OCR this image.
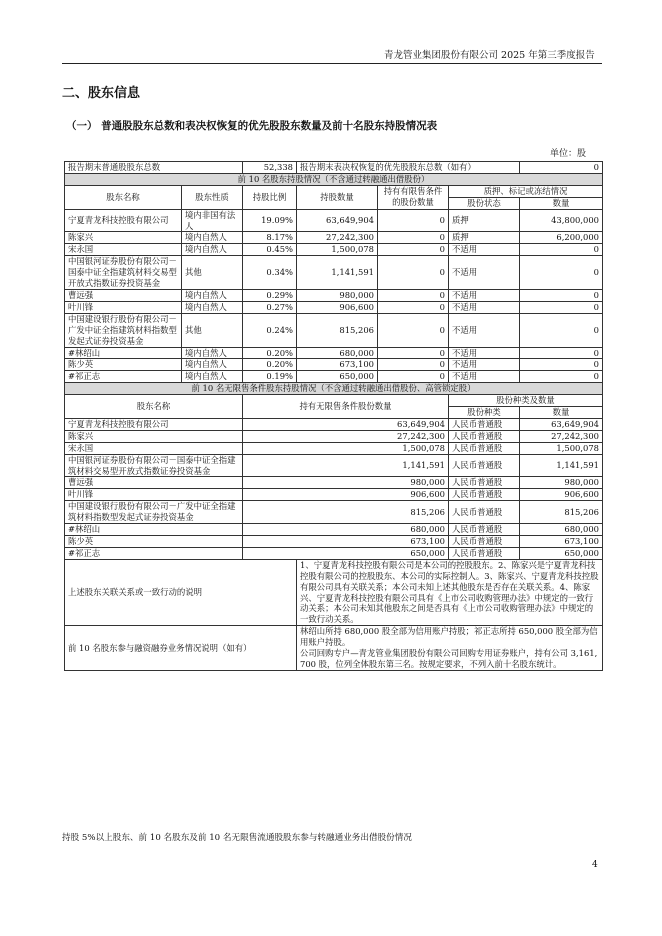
青龙管业集团股份有限公司 2025 年第三季度报告
二、股东信息
（一） 普通股股东总数和表决权恢复的优先股股东数量及前十名股东持股情况表
单位：股
报告期末普通股股东总数		52,338	报告期末表决权恢复的优先股股东总数（如有）			0
前 10 名股东持股情况（不含通过转融通出借股份）						
股东名称	股东性质	持股比例	持股数量	持有有限售条件的股份数量	质押、标记或冻结情况	
					股份状态	数量
宁夏青龙科技控股有限公司	境内非国有法人	19.09%	63,649,904	0	质押	43,800,000
陈家兴	境内自然人	8.17%	27,242,300	0	质押	6,200,000
宋永国	境内自然人	0.45%	1,500,078	0	不适用	0
中国银河证券股份有限公司－国泰中证全指建筑材料交易型开放式指数证券投资基金	其他	0.34%	1,141,591	0	不适用	0
曹远强	境内自然人	0.29%	980,000	0	不适用	0
叶川锋	境内自然人	0.27%	906,600	0	不适用	0
中国建设银行股份有限公司－广发中证全指建筑材料指数型发起式证券投资基金	其他	0.24%	815,206	0	不适用	0
#林绍山	境内自然人	0.20%	680,000	0	不适用	0
陈少英	境内自然人	0.20%	673,100	0	不适用	0
#祁正志	境内自然人	0.19%	650,000	0	不适用	0
前 10 名无限售条件股东持股情况（不含通过转融通出借股份、高管锁定股）						
股东名称		持有无限售条件股份数量			股份种类及数量	
					股份种类	数量
宁夏青龙科技控股有限公司		63,649,904			人民币普通股	63,649,904
陈家兴		27,242,300			人民币普通股	27,242,300
宋永国		1,500,078			人民币普通股	1,500,078
中国银河证券股份有限公司－国泰中证全指建筑材料交易型开放式指数证券投资基金		1,141,591			人民币普通股	1,141,591
曹远强		980,000			人民币普通股	980,000
叶川锋		906,600			人民币普通股	906,600
中国建设银行股份有限公司－广发中证全指建筑材料指数型发起式证券投资基金		815,206			人民币普通股	815,206
#林绍山		680,000			人民币普通股	680,000
陈少英		673,100			人民币普通股	673,100
#祁正志		650,000			人民币普通股	650,000
上述股东关联关系或一致行动的说明			1、宁夏青龙科技控股有限公司是本公司的控股股东。2、陈家兴是宁夏青龙科技控股有限公司的控股股东、本公司的实际控制人。3、陈家兴、宁夏青龙科技控股有限公司具有关联关系；本公司未知上述其他股东是否存在关联关系。4、陈家兴、宁夏青龙科技控股有限公司具有《上市公司收购管理办法》中规定的一致行动关系；本公司未知其他股东之间是否具有《上市公司收购管理办法》中规定的一致行动关系。			
前 10 名股东参与融资融券业务情况说明（如有）			林绍山所持 680,000 股全部为信用账户持股；祁正志所持 650,000 股全部为信用账户持股。
公司回购专户—青龙管业集团股份有限公司回购专用证券账户，持有公司 3,161,700 股，位列全体股东第三名。按规定要求，不列入前十名股东统计。			
持股 5%以上股东、前 10 名股东及前 10 名无限售流通股股东参与转融通业务出借股份情况
4
